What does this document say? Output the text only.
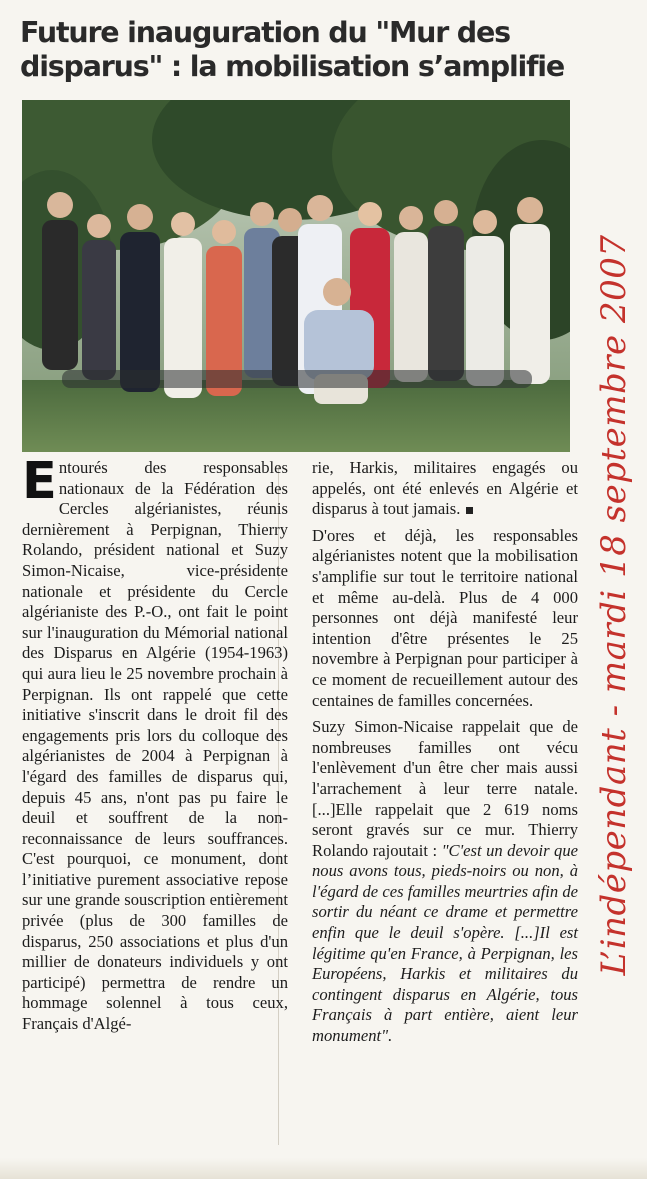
Future inauguration du "Mur des disparus" : la mobilisation s’amplifie

Entourés des responsables nationaux de la Fédération des Cercles algérianistes, réunis dernièrement à Perpignan, Thierry Rolando, président national et Suzy Simon-Nicaise, vice-présidente nationale et présidente du Cercle algérianiste des P.-O., ont fait le point sur l'inauguration du Mémorial national des Disparus en Algérie (1954-1963) qui aura lieu le 25 novembre prochain à Perpignan. Ils ont rappelé que cette initiative s'inscrit dans le droit fil des engagements pris lors du colloque des algérianistes de 2004 à Perpignan à l'égard des familles de disparus qui, depuis 45 ans, n'ont pas pu faire le deuil et souffrent de la non-reconnaissance de leurs souffrances. C'est pourquoi, ce monument, dont l’initiative purement associative repose sur une grande souscription entièrement privée (plus de 300 familles de disparus, 250 associations et plus d'un millier de donateurs individuels y ont participé) permettra de rendre un hommage solennel à tous ceux, Français d'Algé-

rie, Harkis, militaires engagés ou appelés, ont été enlevés en Algérie et disparus à tout jamais.

D'ores et déjà, les responsables algérianistes notent que la mobilisation s'amplifie sur tout le territoire national et même au-delà. Plus de 4 000 personnes ont déjà manifesté leur intention d'être présentes le 25 novembre à Perpignan pour participer à ce moment de recueillement autour des centaines de familles concernées.

Suzy Simon-Nicaise rappelait que de nombreuses familles ont vécu l'enlèvement d'un être cher mais aussi l'arrachement à leur terre natale. [...]Elle rappelait que 2 619 noms seront gravés sur ce mur. Thierry Rolando rajoutait : "C'est un devoir que nous avons tous, pieds-noirs ou non, à l'égard de ces familles meurtries afin de sortir du néant ce drame et permettre enfin que le deuil s'opère. [...]Il est légitime qu'en France, à Perpignan, les Européens, Harkis et militaires du contingent disparus en Algérie, tous Français à part entière, aient leur monument".

L’indépendant - mardi 18 septembre 2007
